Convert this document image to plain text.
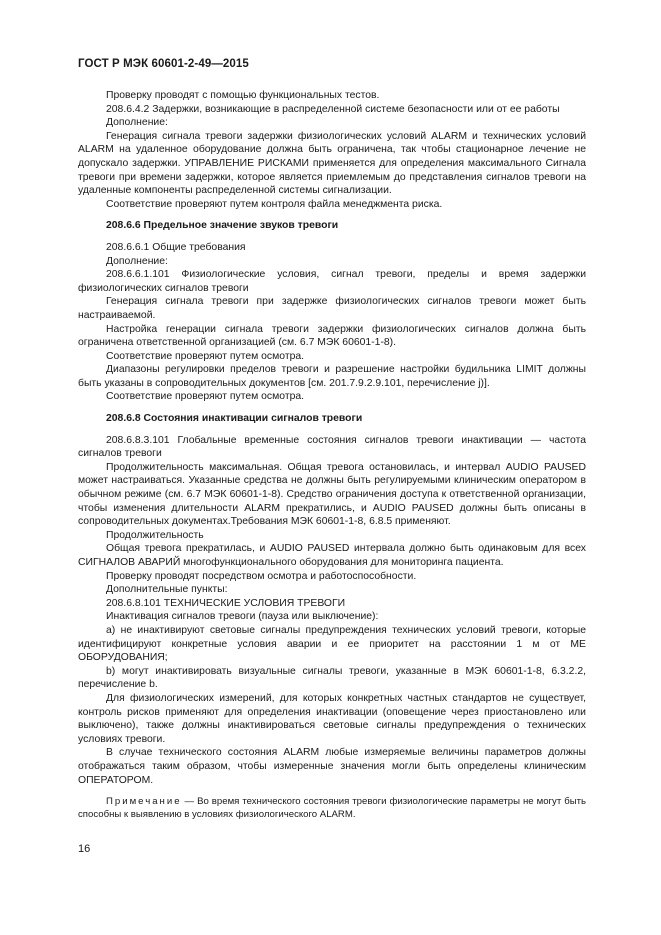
ГОСТ Р МЭК 60601-2-49—2015

Проверку проводят с помощью функциональных тестов.

208.6.4.2 Задержки, возникающие в распределенной системе безопасности или от ее работы

Дополнение:

Генерация сигнала тревоги задержки физиологических условий ALARM и технических условий ALARM на удаленное оборудование должна быть ограничена, так чтобы стационарное лечение не допускало задержки. УПРАВЛЕНИЕ РИСКАМИ применяется для определения максимального Сигнала тревоги при времени задержки, которое является приемлемым до представления сигналов тревоги на удаленные компоненты распределенной системы сигнализации.

Соответствие проверяют путем контроля файла менеджмента риска.

208.6.6 Предельное значение звуков тревоги

208.6.6.1 Общие требования

Дополнение:

208.6.6.1.101 Физиологические условия, сигнал тревоги, пределы и время задержки физиологических сигналов тревоги

Генерация сигнала тревоги при задержке физиологических сигналов тревоги может быть настраиваемой.

Настройка генерации сигнала тревоги задержки физиологических сигналов должна быть ограничена ответственной организацией (см. 6.7 МЭК 60601-1-8).

Соответствие проверяют путем осмотра.

Диапазоны регулировки пределов тревоги и разрешение настройки будильника LIMIT должны быть указаны в сопроводительных документов [см. 201.7.9.2.9.101, перечисление j)].

Соответствие проверяют путем осмотра.

208.6.8 Состояния инактивации сигналов тревоги

208.6.8.3.101 Глобальные временные состояния сигналов тревоги инактивации — частота сигналов тревоги

Продолжительность максимальная. Общая тревога остановилась, и интервал AUDIO PAUSED может настраиваться. Указанные средства не должны быть регулируемыми клиническим оператором в обычном режиме (см. 6.7 МЭК 60601-1-8). Средство ограничения доступа к ответственной организации, чтобы изменения длительности ALARM прекратились, и AUDIO PAUSED должны быть описаны в сопроводительных документах.Требования МЭК 60601-1-8, 6.8.5 применяют.

Продолжительность

Общая тревога прекратилась, и AUDIO PAUSED интервала должно быть одинаковым для всех СИГНАЛОВ АВАРИЙ многофункционального оборудования для мониторинга пациента.

Проверку проводят посредством осмотра и работоспособности.

Дополнительные пункты:

208.6.8.101 ТЕХНИЧЕСКИЕ УСЛОВИЯ ТРЕВОГИ

Инактивация сигналов тревоги (пауза или выключение):

a) не инактивируют световые сигналы предупреждения технических условий тревоги, которые идентифицируют конкретные условия аварии и ее приоритет на расстоянии 1 м от МЕ ОБОРУДОВАНИЯ;

b) могут инактивировать визуальные сигналы тревоги, указанные в МЭК 60601-1-8, 6.3.2.2, перечисление b.

Для физиологических измерений, для которых конкретных частных стандартов не существует, контроль рисков применяют для определения инактивации (оповещение через приостановлено или выключено), также должны инактивироваться световые сигналы предупреждения о технических условиях тревоги.

В случае технического состояния ALARM любые измеряемые величины параметров должны отображаться таким образом, чтобы измеренные значения могли быть определены клиническим ОПЕРАТОРОМ.

Примечание — Во время технического состояния тревоги физиологические параметры не могут быть способны к выявлению в условиях физиологического ALARM.

16
